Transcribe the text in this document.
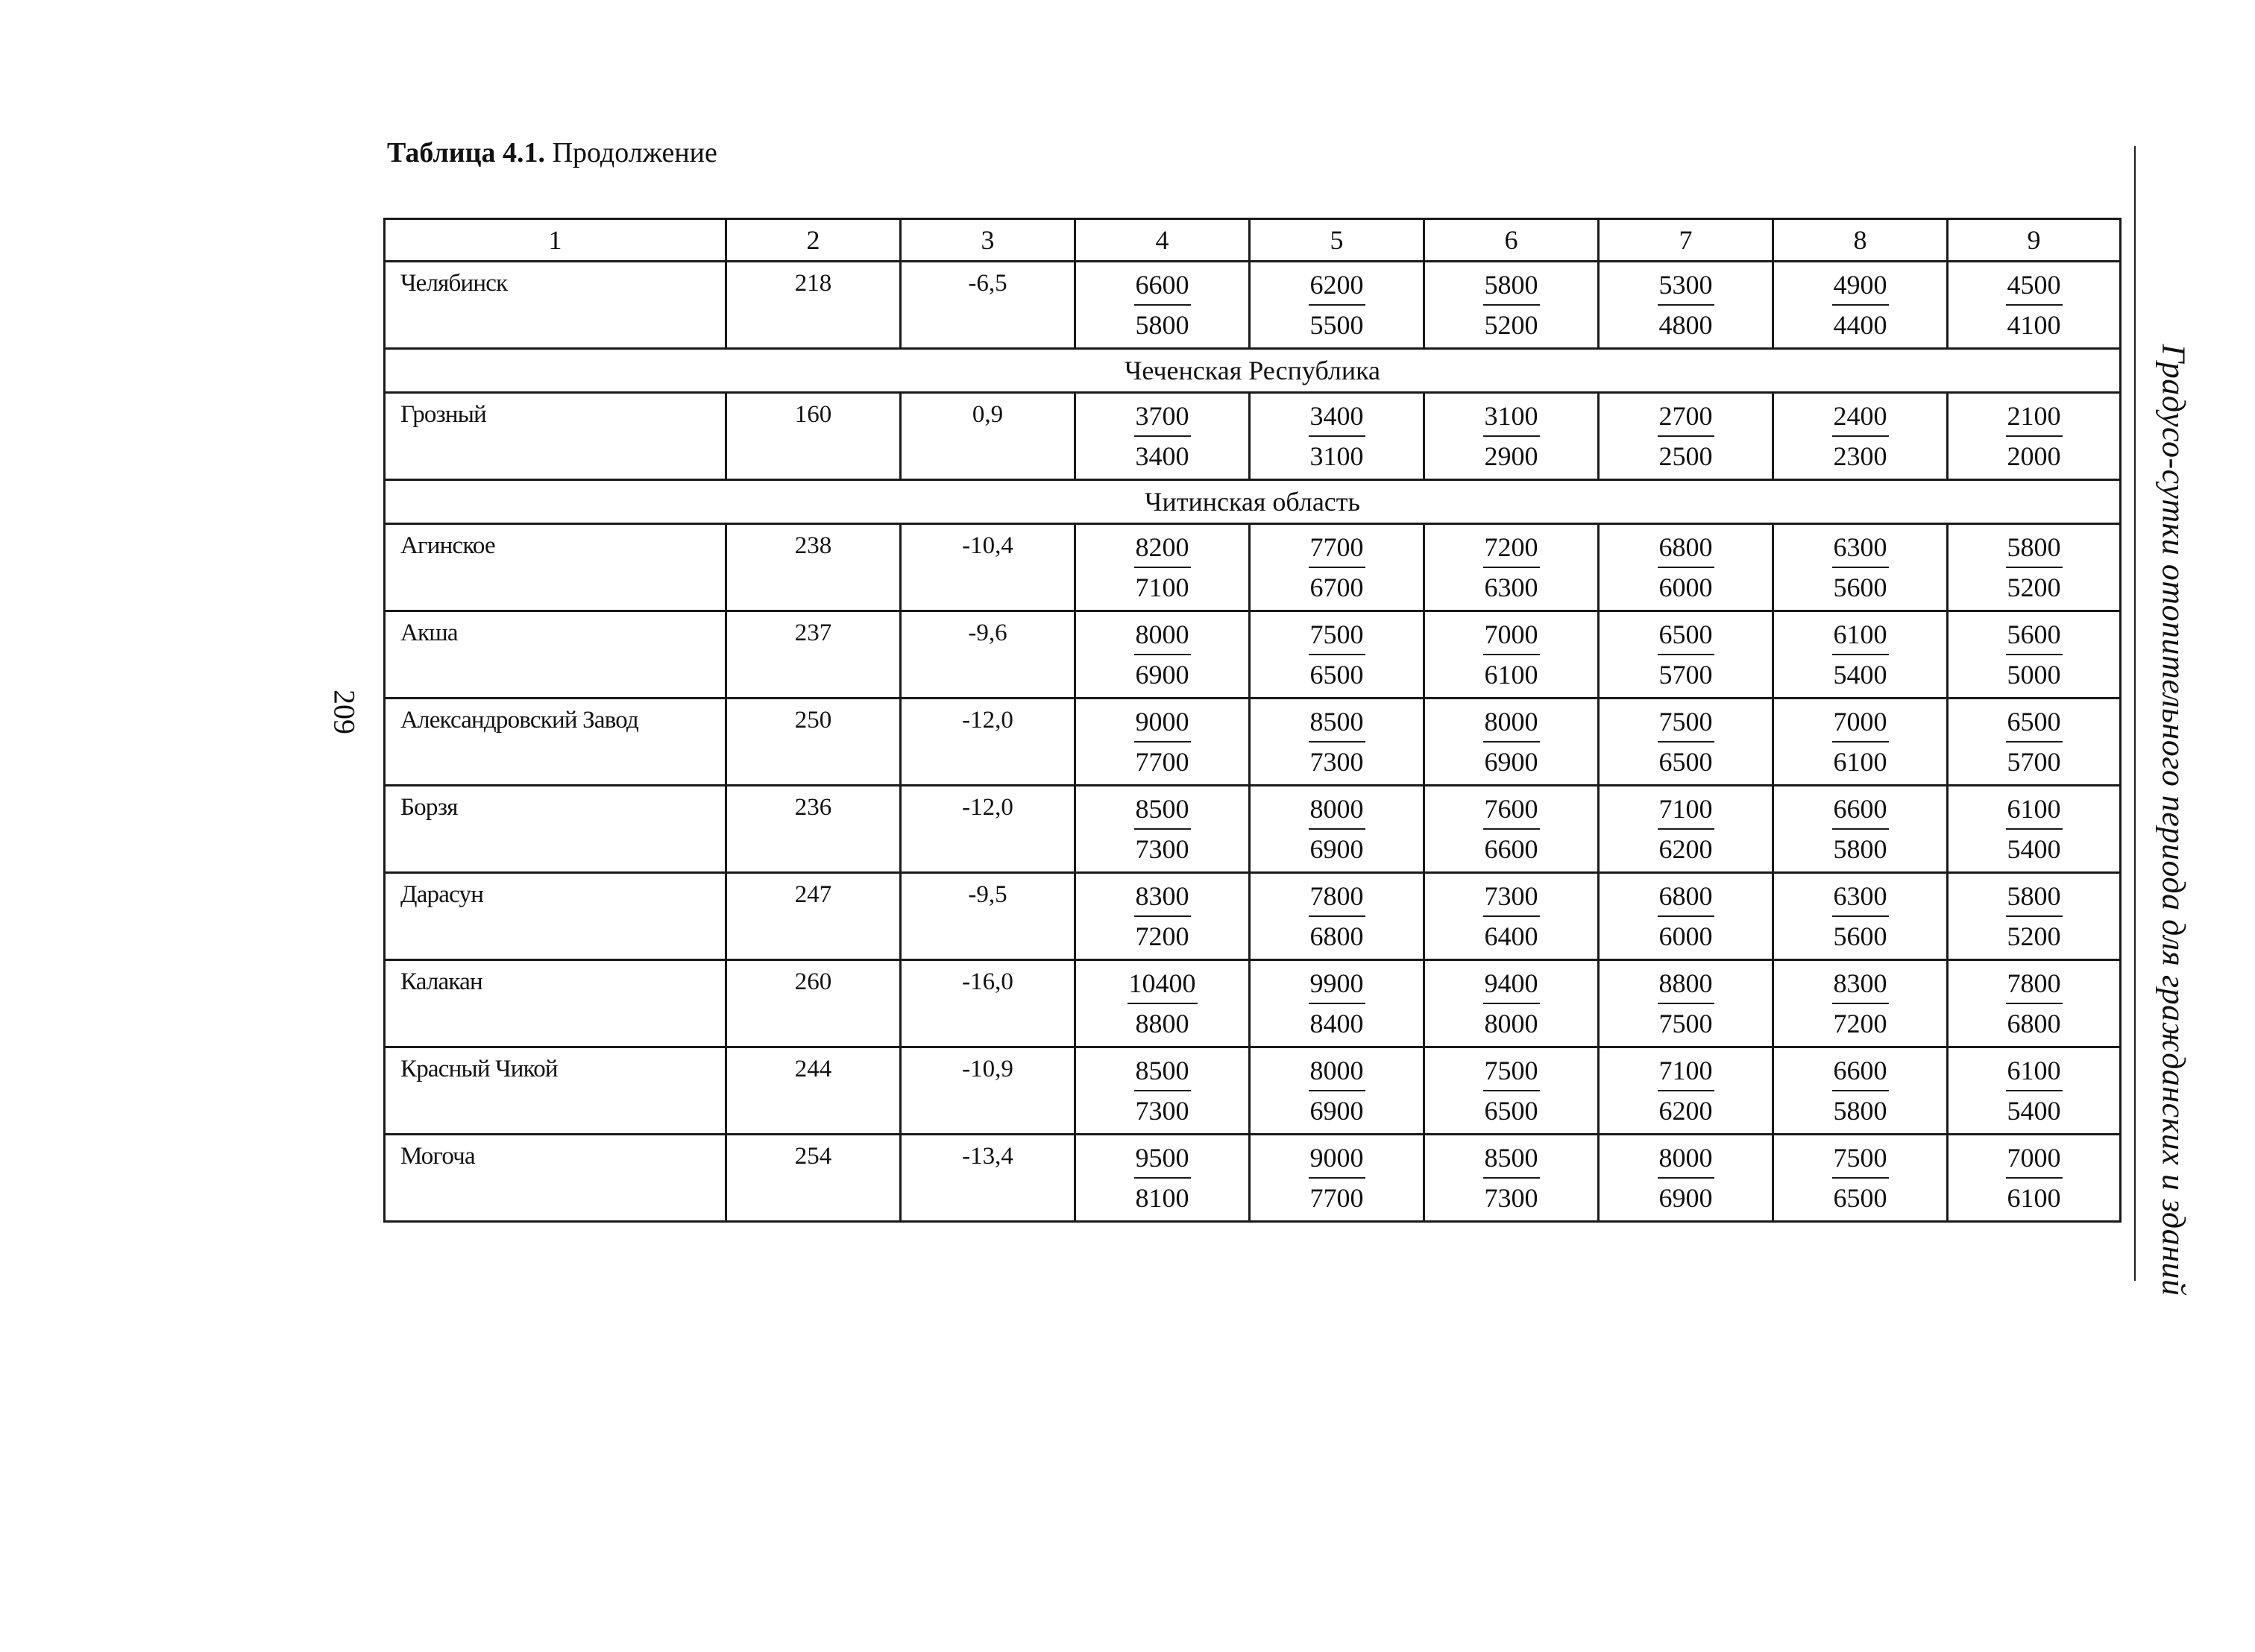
Таблица 4.1. Продолжение
209	Градусо-сутки отопительного периода для гражданских и зданий
1	2	3	4	5	6	7	8	9
Челябинск	218	-6,5	$\frac{6600}{5800}$	$\frac{6200}{5500}$	$\frac{5800}{5200}$	$\frac{5300}{4800}$	$\frac{4900}{4400}$	$\frac{4500}{4100}$

Чеченская Республика								
Грозный	160	0,9	$\frac{3700}{3400}$	$\frac{3400}{3100}$	$\frac{3100}{2900}$	$\frac{2700}{2500}$	$\frac{2400}{2300}$	$\frac{2100}{2000}$

Читинская область								
Агинское	238	-10,4	$\frac{8200}{7100}$	$\frac{7700}{6700}$	$\frac{7200}{6300}$	$\frac{6800}{6000}$	$\frac{6300}{5600}$	$\frac{5800}{5200}$

Акша	237	-9,6	$\frac{8000}{6900}$	$\frac{7500}{6500}$	$\frac{7000}{6100}$	$\frac{6500}{5700}$	$\frac{6100}{5400}$	$\frac{5600}{5000}$

Александровский Завод	250	-12,0	$\frac{9000}{7700}$	$\frac{8500}{7300}$	$\frac{8000}{6900}$	$\frac{7500}{6500}$	$\frac{7000}{6100}$	$\frac{6500}{5700}$

Борзя	236	-12,0	$\frac{8500}{7300}$	$\frac{8000}{6900}$	$\frac{7600}{6600}$	$\frac{7100}{6200}$	$\frac{6600}{5800}$	$\frac{6100}{5400}$

Дарасун	247	-9,5	$\frac{8300}{7200}$	$\frac{7800}{6800}$	$\frac{7300}{6400}$	$\frac{6800}{6000}$	$\frac{6300}{5600}$	$\frac{5800}{5200}$

Калакан	260	-16,0	$\frac{10400}{8800}$	$\frac{9900}{8400}$	$\frac{9400}{8000}$	$\frac{8800}{7500}$	$\frac{8300}{7200}$	$\frac{7800}{6800}$

Красный Чикой	244	-10,9	$\frac{8500}{7300}$	$\frac{8000}{6900}$	$\frac{7500}{6500}$	$\frac{7100}{6200}$	$\frac{6600}{5800}$	$\frac{6100}{5400}$

Могоча	254	-13,4	$\frac{9500}{8100}$	$\frac{9000}{7700}$	$\frac{8500}{7300}$	$\frac{8000}{6900}$	$\frac{7500}{6500}$	$\frac{7000}{6100}$
